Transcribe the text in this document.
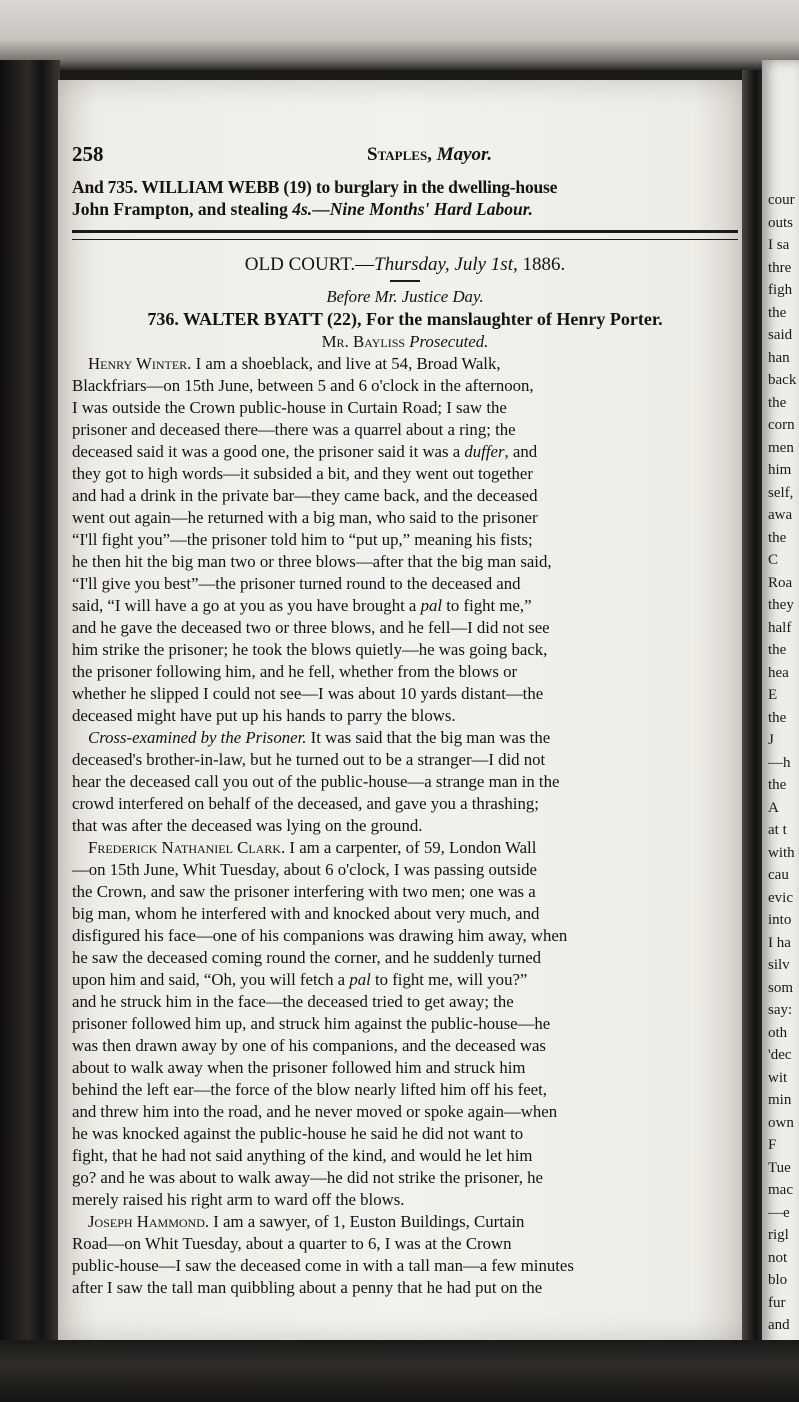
cour
outs
I sa
thre
figh
the
said
han
back
the
corn
men
him
self,
awa
the
C
Roa
they
half
the
hea
E
the
J
—h
the
A
at t
with
cau
evic
into
I ha
silv
som
say:
oth
'dec
wit
min
own
F
Tue
mac
—e
rigl
not
blo
fur
and
258	Staples, Mayor.
And 735. WILLIAM WEBB (19) to burglary in the dwelling-house
John Frampton, and stealing 4s.—Nine Months' Hard Labour.
OLD COURT.—Thursday, July 1st, 1886.
Before Mr. Justice Day.
736. WALTER BYATT (22), For the manslaughter of Henry Porter.
Mr. Bayliss Prosecuted.
Henry Winter. I am a shoeblack, and live at 54, Broad Walk,
Blackfriars—on 15th June, between 5 and 6 o'clock in the afternoon,
I was outside the Crown public-house in Curtain Road; I saw the
prisoner and deceased there—there was a quarrel about a ring; the
deceased said it was a good one, the prisoner said it was a duffer, and
they got to high words—it subsided a bit, and they went out together
and had a drink in the private bar—they came back, and the deceased
went out again—he returned with a big man, who said to the prisoner
“I'll fight you”—the prisoner told him to “put up,” meaning his fists;
he then hit the big man two or three blows—after that the big man said,
“I'll give you best”—the prisoner turned round to the deceased and
said, “I will have a go at you as you have brought a pal to fight me,”
and he gave the deceased two or three blows, and he fell—I did not see
him strike the prisoner; he took the blows quietly—he was going back,
the prisoner following him, and he fell, whether from the blows or
whether he slipped I could not see—I was about 10 yards distant—the
deceased might have put up his hands to parry the blows.
Cross-examined by the Prisoner. It was said that the big man was the
deceased's brother-in-law, but he turned out to be a stranger—I did not
hear the deceased call you out of the public-house—a strange man in the
crowd interfered on behalf of the deceased, and gave you a thrashing;
that was after the deceased was lying on the ground.
Frederick Nathaniel Clark. I am a carpenter, of 59, London Wall
—on 15th June, Whit Tuesday, about 6 o'clock, I was passing outside
the Crown, and saw the prisoner interfering with two men; one was a
big man, whom he interfered with and knocked about very much, and
disfigured his face—one of his companions was drawing him away, when
he saw the deceased coming round the corner, and he suddenly turned
upon him and said, “Oh, you will fetch a pal to fight me, will you?”
and he struck him in the face—the deceased tried to get away; the
prisoner followed him up, and struck him against the public-house—he
was then drawn away by one of his companions, and the deceased was
about to walk away when the prisoner followed him and struck him
behind the left ear—the force of the blow nearly lifted him off his feet,
and threw him into the road, and he never moved or spoke again—when
he was knocked against the public-house he said he did not want to
fight, that he had not said anything of the kind, and would he let him
go? and he was about to walk away—he did not strike the prisoner, he
merely raised his right arm to ward off the blows.
Joseph Hammond. I am a sawyer, of 1, Euston Buildings, Curtain
Road—on Whit Tuesday, about a quarter to 6, I was at the Crown
public-house—I saw the deceased come in with a tall man—a few minutes
after I saw the tall man quibbling about a penny that he had put on the
